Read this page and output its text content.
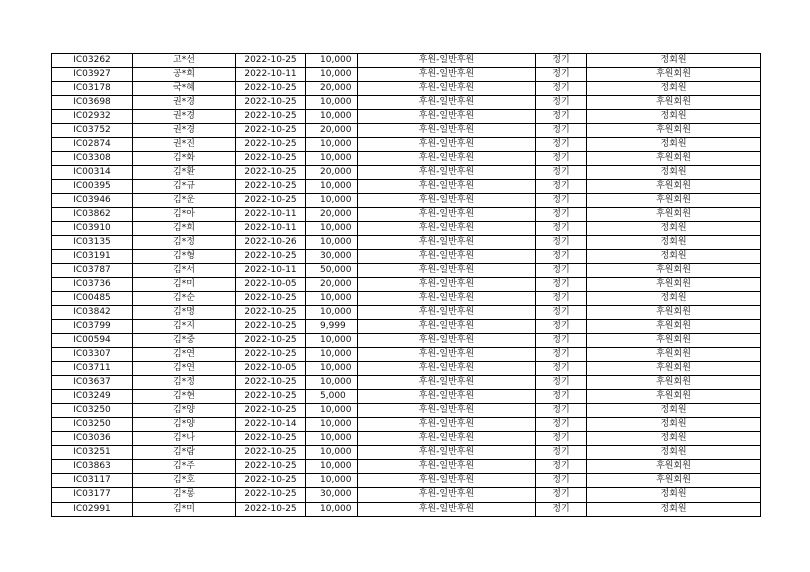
IC03262	고*선	2022-10-25	10,000	후원-일반후원	정기	정회원
IC03927	공*희	2022-10-11	10,000	후원-일반후원	정기	후원회원
IC03178	국*혜	2022-10-25	20,000	후원-일반후원	정기	정회원
IC03698	권*경	2022-10-25	10,000	후원-일반후원	정기	후원회원
IC02932	권*경	2022-10-25	10,000	후원-일반후원	정기	정회원
IC03752	권*경	2022-10-25	20,000	후원-일반후원	정기	후원회원
IC02874	권*진	2022-10-25	10,000	후원-일반후원	정기	정회원
IC03308	김*화	2022-10-25	10,000	후원-일반후원	정기	후원회원
IC00314	김*환	2022-10-25	20,000	후원-일반후원	정기	정회원
IC00395	김*규	2022-10-25	10,000	후원-일반후원	정기	후원회원
IC03946	김*운	2022-10-25	10,000	후원-일반후원	정기	후원회원
IC03862	김*아	2022-10-11	20,000	후원-일반후원	정기	후원회원
IC03910	김*희	2022-10-11	10,000	후원-일반후원	정기	정회원
IC03135	김*정	2022-10-26	10,000	후원-일반후원	정기	정회원
IC03191	김*형	2022-10-25	30,000	후원-일반후원	정기	정회원
IC03787	김*서	2022-10-11	50,000	후원-일반후원	정기	후원회원
IC03736	김*미	2022-10-05	20,000	후원-일반후원	정기	후원회원
IC00485	김*순	2022-10-25	10,000	후원-일반후원	정기	정회원
IC03842	김*명	2022-10-25	10,000	후원-일반후원	정기	후원회원
IC03799	김*지	2022-10-25	9,999	후원-일반후원	정기	후원회원
IC00594	김*중	2022-10-25	10,000	후원-일반후원	정기	후원회원
IC03307	김*연	2022-10-25	10,000	후원-일반후원	정기	후원회원
IC03711	김*연	2022-10-05	10,000	후원-일반후원	정기	후원회원
IC03637	김*정	2022-10-25	10,000	후원-일반후원	정기	후원회원
IC03249	김*현	2022-10-25	5,000	후원-일반후원	정기	후원회원
IC03250	김*양	2022-10-25	10,000	후원-일반후원	정기	정회원
IC03250	김*양	2022-10-14	10,000	후원-일반후원	정기	정회원
IC03036	김*나	2022-10-25	10,000	후원-일반후원	정기	정회원
IC03251	김*람	2022-10-25	10,000	후원-일반후원	정기	정회원
IC03863	김*주	2022-10-25	10,000	후원-일반후원	정기	후원회원
IC03117	김*호	2022-10-25	10,000	후원-일반후원	정기	후원회원
IC03177	김*롱	2022-10-25	30,000	후원-일반후원	정기	정회원
IC02991	김*미	2022-10-25	10,000	후원-일반후원	정기	정회원
